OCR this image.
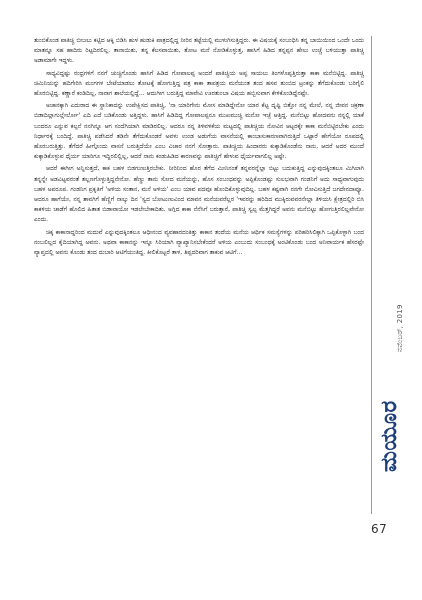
ತುಂಬಿಕೊಂಡ ಪಾತಿಚ್ಚಿ ಬೀಜಲು ಕಟ್ಟಿದ ಆಕ್ಕಿ ಬಿಡಿಸಿ ಹುಳ ಹುಡುಕಿ ಪಾತ್ರದಲ್ಲಿದ್ದ ನೀರಿನ ತಟ್ಟೆಯಲ್ಲಿ ಮುಳುಗಿಸುತ್ತಿದ್ದರು. ಈ ವಿಷಯಕ್ಕೆ ಸಂಬಂಧಿಸಿ ತನ್ನ ಬಾಯಿಯಿಂದ ಒಂದೇ ಒಂದು ಮಾತನ್ನೂ ಸಹ ಹಾದಿರು ರಿಟ್ಟದಿರಲಿಲ್ಲ. ತಾನಾಯಿತು, ತನ್ನ ಕೆಲಸವಾಯಿತು, ತೋಟ ಮನೆ ನೋಡಿಕೊಳ್ಳುತ್ತ, ಹಾಸಿಗೆ ಹಿಡಿದ ತನ್ನಪ್ಪನ ಹೇಲು ಉಚ್ಚೆ ಬಳಿಯುತ್ತಾ ಪಾತಿಚ್ಚಿ ಅಡಾಮಾಗೇ ಇದ್ದಳು.

ಸಾಧ್ಯವಿದ್ದಷ್ಟು ರಂಧ್ರಗಳಿಗೆ ನನಗೆ ಚುಚ್ಚಿಗೊಂಡು ಹಾಸಿಗೆ ಹಿಡಿದ ಗೋಪಾಲಪ್ಪ ಅಂದರೆ ಪಾತಿಚ್ಚಿಯ ಅಪ್ಪ ಸಾಯಲು ತಿಂಗಳೊಪ್ಪತ್ತಿರುತ್ತಾ ಕಾಕಾ ಮನೆಬಿಟ್ಟಿದ್ದ. ಪಾತಿಚ್ಚಿ ಚಿಮಿನಿಯನ್ನು ಹದಿಗೇರಿಸಿ ಮಂಗಗಳ ಬೇಟೆಯಾಡಲು ತೋಟಕ್ಕೆ ಹೋಗುತ್ತಿದ್ದ ಪತ್ರ ಕಾಕಾ ತಾಪತ್ರಯ ಮನೆಯಂತ ತಂದ ಹಸವ ತುಂಬಿದ ಟ್ರಂಕನ್ನು ತೆಗೆದುಕೊಂಡು ಬರಿಗೈಲಿ ಹೊರಬಿಟ್ಟಿದ್ದ. ಕಣ್ಣಾರೆ ಕಂಡಿದಿಲ್ಲ, ನಾನಾಗ ಶಾಲೆಯಲ್ಲಿದ್ದೆ... ಆದುಗೀಗ ಬರುತ್ತಿದ್ದ ಮಾವೇವಿ ಊರತುಂಬಾ ವಿಷಯ ಹಬ್ಬಿಸುವಾಗ ಕೇಳಿಕೊಂಡಿದ್ದೆನಷ್ಟೇ.

ಅಚಾನಕ್ಕಾಗಿ ಎದುರಾದ ಈ ಸ್ಥಾನಿಕಾದನ್ನು ಉಪೇಕ್ಷಿಸದ ಪಾತಿಚ್ಚಿ, 'ನಾ ಯಾರಿಗೇನು ಮೋಸ ಮಾಡಿದ್ದೇನೋ ಯಾರ ಕೆಟ್ಟ ದೃಷ್ಟಿ ಬಿತ್ತೋ ನನ್ನ ಮೇಲೆ, ನನ್ನ ಜೀವನ ಚಕ್ರಣಾ ಬಿಡಾದಿಲ್ಲಾಗುಲ್ಲೇರ್ಲೋ' ಎದಿ ಎದೆ ಬಡಿಕೊಂಡು ಅತ್ತಿದ್ದಳು. ಹಾಸಿಗೆ ಹಿಡಿದಿದ್ದ ಗೋಪಾಲಪ್ಪನೂ ಮುಖಮುಚ್ಚಿ ಮನೋ ಇಚ್ಛೆ ಆತ್ತಿದ್ದ. ಮನೆಬಿಟ್ಟು ಹೋದವನು ನನ್ನಲ್ಲಿ ಯಾಕೆ ಬಂದರೂ ಎನ್ನುವ ಕಲ್ಪನೆ ನನಗಿನ್ನೂ ಆಗ ಸಂದೆಗಿಯಾಗಿ ಮಾಡಿರಲಿಲ್ಲ. ಆದರೂ ನನ್ನ ತಿಳಿವಳಿಕೆಯ ಮಟ್ಟದಲ್ಲಿ ಪಾತಿಚ್ಚಿಯ ನೋವಿನ ಆಟ್ಟರಕ್ಕೇ ಕಾಕಾ ಮನೆಬಿಟ್ಟಿರಬೇಕು ಎಂದು ನಿರ್ಧಾರಕ್ಕೆ ಬಂದಿದ್ದೆ. ಪಾತಿಚ್ಚಿ ಪಡೆಸಿದರೆ ತಡಿನೇ ತೆಗೆದುಕೊಂಡರೆ ಅವಳು ಉಂಡ ಅಡುಗೆಯ ವಾಸನೆಯಲ್ಲಿ ಕಾಂಬಾಸುಕಾರಣವಾಗಿರುತ್ತಿದೆ ಒಟ್ಟಾರೆ ಹೇಗೆಯೋ ರೂಪದಲ್ಲಿ ಹೊರಬರುತ್ತಿತ್ತು. ತೆಗೆದರೆ ಹೀಗ್ಗೊಂದು ವಾಸನೆ ಬರುತ್ತಿದೆಯೇ ಎಂಬ ವಿಚಾರ ನನಗೆ ಸೋತ್ತಾರು. ಪಾತಿಚ್ಚಿಯ ಹಿಂದಾರರು ಕುಕ್ಕಾಡಿಕೊಂಡೆನು ನಾನು, ಆದರೆ ಅದರ ಮುಂದೆ ಕುಕ್ಕಾಡಿಕೊಳ್ಳುವ ಧೈರ್ಯ ಯಾರಿಗೂ ಇದ್ದಿರಲಿಲ್ಲಿಲ್ಲ, ಆದರೆ ನಾನು ಕಂಡುಹಿಡಿದ ಕಾರಣವನ್ನು ಪಾತಿಚ್ಚಿಗೆ ಹೇಳುವ ಧೈರ್ಯವಾಗಲಿಲ್ಲ ಅಷ್ಟೇ.

ಆದರೆ ಈಗೀಗ ಅನ್ನಿಸುತ್ತದೆ, ಕಾಕ ಬಹಳ ಬಿಡಗುಣುತ್ತಿರಬೇಕು. ನೀರಿನಿಂದ ಹೊರ ತೆಗೆದ ಮೀನಿನಂತೆ ತನ್ನವರನ್ನೆಲ್ಲಾ ಬಿಟ್ಟು ಬದುಕುತ್ತಿದ್ದ ಎನ್ನುವುದಕ್ಕಿಂತಲೂ ಮಿಗಿಲಾಗಿ ತನ್ನನ್ನೇ ಅಡವಿಟ್ಟವರಂತೆ ತಲ್ಲಣಗೊಳ್ಳುತ್ತಿದ್ದನೇನೋ. ಹೆಣ್ಣು ತಾನು ಸೋದ ಮನೆಯನ್ನು, ಹೊಸ ಸಂಬಂಧವನ್ನು ಅಪ್ಪಿಕೊಂಡಷ್ಟು ಸುಲಭವಾಗಿ ಗಂಡನಿಗೆ ಅದು ಸಾಧ್ಯವಾಗುವುದು ಬಹಳ ಅಪರೂಪ. ಗಂಡನಿಗ ಪ್ರಕೃತಿಗೆ 'ಅಳಿಯ ಸಂತಾನ, ಮನೆ ಅಳಿಯ' ಎಂಬ ಯಾವ ಪದವೂ ಹೊಂದಿಕೊಳ್ಳುವುದಿಲ್ಲ. ಬಹಳ ಕಷ್ಟವಾಗಿ ನನಗೇ ನೋವಿಸುತ್ತಿದೆ ಜಗದೇನದಾವ್ಯೂ. ಆದರೂ ಹಾಗೆಯೇ, ನನ್ನ ತಾವಗಿಗೆ ಹೆಣ್ಣಿಗೆ ನಾಲ್ಕು ದಿನ 'ಸ್ವದ ಬೋಟುಣುವಿಂದ ಮಾವನ ಮನೆಯವರೆಲ್ಲರ 'ಇವರನ್ನು ಹರಿದಿದ ಮುಕ್ಕಿರುವವರನೇಲ್ಲಾ ತಿಳಿಯಸಿ ಕ್ಷೇತ್ರದಲ್ಲಿರಿ ಬಿಸಿ ಕಾಕಳಿಯ ಚಾಡೆಗೆ ಹೊಲಿದ ಹಿತಾತ ಬಿಡಾವಾಯೋ ಇಡಲೇಬೇಕಾದಿತು. ಅಗ್ಗಿದ ಕಾಕಾ ನೆನೆಸಿಗೆ ಬರುತ್ತಾನೆ, ಪಾತಿಚ್ಚಿ ಸ್ವಲ್ಪ ಮೆತ್ತಗಿದ್ದರೆ ಅವನು ಮನೆಬಿಟ್ಟು ಹೋಗುತ್ತಿರಲಿಲ್ಲವೇನೋ ಎಂದು.

ಚಿಕ್ಕ ಕಾಕಾನಾದ್ದರಿಂದ ಮದುವೆ ಎನ್ನುವುದಕ್ಕಿಂತಲೂ ಆಧೀನಂದ ವ್ಯವಹಾರದಂತಿತ್ತು ಕಾಕಾನ ತಂದೆಯ ಮನೆಯ ಆರ್ಥಿಕ ಸಮಸ್ಯೆಗಳನ್ನು ಪರಿಹರಿಸಿಲಿಕ್ಕಾಗಿ ಒಪ್ಪಿಕೊಳ್ಳಾಗಿ ಬಂದ ನಂಬಲಿಲ್ಲದ ಕೈದಿಯಾಗಿದ್ದ ಅವನು. ಅಥವಾ ಕಾಕಾನನ್ನು ಇನ್ನೂ ಸಿರಿಯಾಗಿ ವ್ಯಾಖ್ಯಾನಿಸಬೇಕೆಂದರೆ ಅಳಿಯ ಎಂಬುದು ಸಂಬಂಧಕ್ಕೆ ಅಂಟಿಕೊಂಡು ಬಂದ ಅನಿವಾರ್ಯಕ ಹೆಸರಷ್ಟೇ ವ್ಯಾಪ್ತದಲ್ಲಿ ಅವನು ಕೊಂಡು ತಂದ ದುಬಾರಿ ಆಟಿಗೆಯಂತಿದ್ದ. ಕೀಲಿಕೊಟ್ಟರೆ ತಾಳ, ತಿಪ್ಪದರಿವಾಗ ತಾಕುವ ಆಟಿಗೆ...

ನವೆಂಬರ್, 2019
ಮಯೂರ
67
